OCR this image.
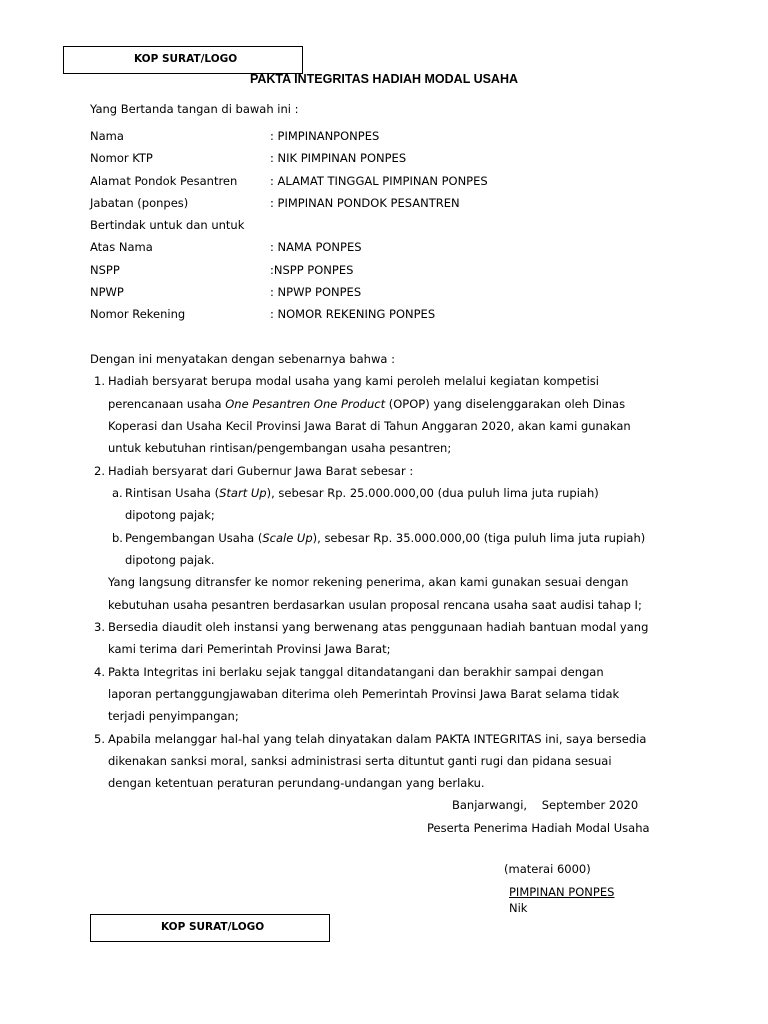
KOP SURAT/LOGO
PAKTA INTEGRITAS HADIAH MODAL USAHA
Yang Bertanda tangan di bawah ini :
Nama	: PIMPINANPONPES
Nomor KTP	: NIK PIMPINAN PONPES
Alamat Pondok Pesantren	: ALAMAT TINGGAL PIMPINAN PONPES
Jabatan (ponpes)	: PIMPINAN PONDOK PESANTREN
Bertindak untuk dan untuk
Atas Nama	: NAMA PONPES
NSPP	:NSPP PONPES
NPWP	: NPWP PONPES
Nomor Rekening	: NOMOR REKENING PONPES
Dengan ini menyatakan dengan sebenarnya bahwa :
1. Hadiah bersyarat berupa modal usaha yang kami peroleh melalui kegiatan kompetisi
perencanaan usaha One Pesantren One Product (OPOP) yang diselenggarakan oleh Dinas
Koperasi dan Usaha Kecil Provinsi Jawa Barat di Tahun Anggaran 2020, akan kami gunakan
untuk kebutuhan rintisan/pengembangan usaha pesantren;
2. Hadiah bersyarat dari Gubernur Jawa Barat sebesar :
a. Rintisan Usaha (Start Up), sebesar Rp. 25.000.000,00 (dua puluh lima juta rupiah)
dipotong pajak;
b. Pengembangan Usaha (Scale Up), sebesar Rp. 35.000.000,00 (tiga puluh lima juta rupiah)
dipotong pajak.
Yang langsung ditransfer ke nomor rekening penerima, akan kami gunakan sesuai dengan
kebutuhan usaha pesantren berdasarkan usulan proposal rencana usaha saat audisi tahap I;
3. Bersedia diaudit oleh instansi yang berwenang atas penggunaan hadiah bantuan modal yang
kami terima dari Pemerintah Provinsi Jawa Barat;
4. Pakta Integritas ini berlaku sejak tanggal ditandatangani dan berakhir sampai dengan
laporan pertanggungjawaban diterima oleh Pemerintah Provinsi Jawa Barat selama tidak
terjadi penyimpangan;
5. Apabila melanggar hal-hal yang telah dinyatakan dalam PAKTA INTEGRITAS ini, saya bersedia
dikenakan sanksi moral, sanksi administrasi serta dituntut ganti rugi dan pidana sesuai
dengan ketentuan peraturan perundang-undangan yang berlaku.
Banjarwangi,    September 2020
Peserta Penerima Hadiah Modal Usaha
(materai 6000)
PIMPINAN PONPES
Nik
KOP SURAT/LOGO
